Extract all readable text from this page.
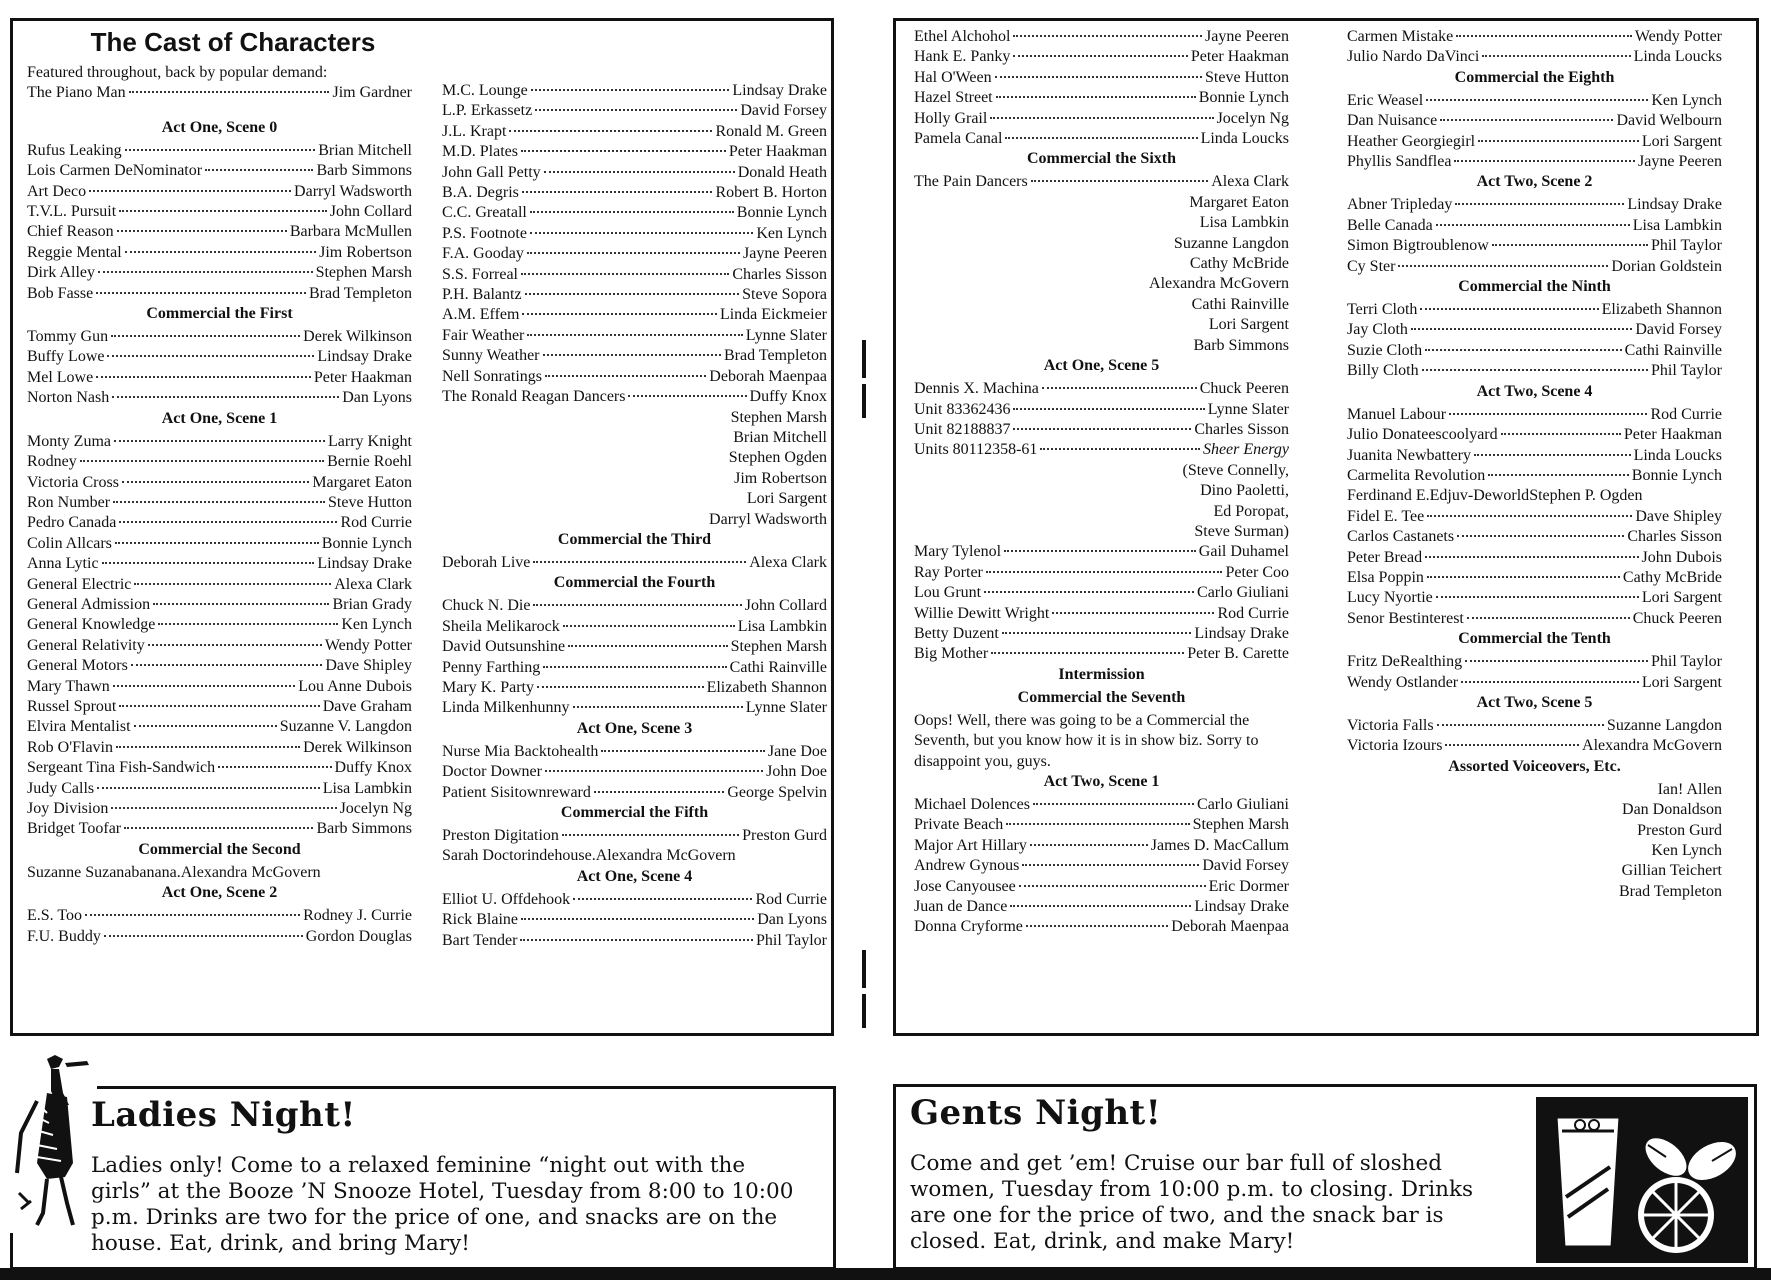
The Cast of Characters
Featured throughout, back by popular demand:
The Piano Man	Jim Gardner
Act One, Scene 0
Rufus Leaking	Brian Mitchell
Lois Carmen DeNominator	Barb Simmons
Art Deco	Darryl Wadsworth
T.V.L. Pursuit	John Collard
Chief Reason	Barbara McMullen
Reggie Mental	Jim Robertson
Dirk Alley	Stephen Marsh
Bob Fasse	Brad Templeton
Commercial the First
Tommy Gun	Derek Wilkinson
Buffy Lowe	Lindsay Drake
Mel Lowe	Peter Haakman
Norton Nash	Dan Lyons
Act One, Scene 1
Monty Zuma	Larry Knight
Rodney	Bernie Roehl
Victoria Cross	Margaret Eaton
Ron Number	Steve Hutton
Pedro Canada	Rod Currie
Colin Allcars	Bonnie Lynch
Anna Lytic	Lindsay Drake
General Electric	Alexa Clark
General Admission	Brian Grady
General Knowledge	Ken Lynch
General Relativity	Wendy Potter
General Motors	Dave Shipley
Mary Thawn	Lou Anne Dubois
Russel Sprout	Dave Graham
Elvira Mentalist	Suzanne V. Langdon
Rob O'Flavin	Derek Wilkinson
Sergeant Tina Fish-Sandwich	Duffy Knox
Judy Calls	Lisa Lambkin
Joy Division	Jocelyn Ng
Bridget Toofar	Barb Simmons
Commercial the Second
Suzanne Suzanabanana. Alexandra McGovern
Act One, Scene 2
E.S. Too	Rodney J. Currie
F.U. Buddy	Gordon Douglas
M.C. Lounge	Lindsay Drake
L.P. Erkassetz	David Forsey
J.L. Krapt	Ronald M. Green
M.D. Plates	Peter Haakman
John Gall Petty	Donald Heath
B.A. Degris	Robert B. Horton
C.C. Greatall	Bonnie Lynch
P.S. Footnote	Ken Lynch
F.A. Gooday	Jayne Peeren
S.S. Forreal	Charles Sisson
P.H. Balantz	Steve Sopora
A.M. Effem	Linda Eickmeier
Fair Weather	Lynne Slater
Sunny Weather	Brad Templeton
Nell Sonratings	Deborah Maenpaa
The Ronald Reagan Dancers	Duffy Knox
Stephen Marsh
Brian Mitchell
Stephen Ogden
Jim Robertson
Lori Sargent
Darryl Wadsworth
Commercial the Third
Deborah Live	Alexa Clark
Commercial the Fourth
Chuck N. Die	John Collard
Sheila Melikarock	Lisa Lambkin
David Outsunshine	Stephen Marsh
Penny Farthing	Cathi Rainville
Mary K. Party	Elizabeth Shannon
Linda Milkenhunny	Lynne Slater
Act One, Scene 3
Nurse Mia Backtohealth	Jane Doe
Doctor Downer	John Doe
Patient Sisitownreward	George Spelvin
Commercial the Fifth
Preston Digitation	Preston Gurd
Sarah Doctorindehouse. Alexandra McGovern
Act One, Scene 4
Elliot U. Offdehook	Rod Currie
Rick Blaine	Dan Lyons
Bart Tender	Phil Taylor
Ethel Alchohol	Jayne Peeren
Hank E. Panky	Peter Haakman
Hal O'Ween	Steve Hutton
Hazel Street	Bonnie Lynch
Holly Grail	Jocelyn Ng
Pamela Canal	Linda Loucks
Commercial the Sixth
The Pain Dancers	Alexa Clark
Margaret Eaton
Lisa Lambkin
Suzanne Langdon
Cathy McBride
Alexandra McGovern
Cathi Rainville
Lori Sargent
Barb Simmons
Act One, Scene 5
Dennis X. Machina	Chuck Peeren
Unit 83362436	Lynne Slater
Unit 82188837	Charles Sisson
Units 80112358-61	Sheer Energy
(Steve Connelly,
Dino Paoletti,
Ed Poropat,
Steve Surman)
Mary Tylenol	Gail Duhamel
Ray Porter	Peter Coo
Lou Grunt	Carlo Giuliani
Willie Dewitt Wright	Rod Currie
Betty Duzent	Lindsay Drake
Big Mother	Peter B. Carette
Intermission
Commercial the Seventh
Oops! Well, there was going to be a Commercial the Seventh, but you know how it is in show biz. Sorry to disappoint you, guys.
Act Two, Scene 1
Michael Dolences	Carlo Giuliani
Private Beach	Stephen Marsh
Major Art Hillary	James D. MacCallum
Andrew Gynous	David Forsey
Jose Canyousee	Eric Dormer
Juan de Dance	Lindsay Drake
Donna Cryforme	Deborah Maenpaa
Carmen Mistake	Wendy Potter
Julio Nardo DaVinci	Linda Loucks
Commercial the Eighth
Eric Weasel	Ken Lynch
Dan Nuisance	David Welbourn
Heather Georgiegirl	Lori Sargent
Phyllis Sandflea	Jayne Peeren
Act Two, Scene 2
Abner Tripleday	Lindsay Drake
Belle Canada	Lisa Lambkin
Simon Bigtroublenow	Phil Taylor
Cy Ster	Dorian Goldstein
Commercial the Ninth
Terri Cloth	Elizabeth Shannon
Jay Cloth	David Forsey
Suzie Cloth	Cathi Rainville
Billy Cloth	Phil Taylor
Act Two, Scene 4
Manuel Labour	Rod Currie
Julio Donateescoolyard	Peter Haakman
Juanita Newbattery	Linda Loucks
Carmelita Revolution	Bonnie Lynch
Ferdinand E.Edjuv-Deworld Stephen P. Ogden
Fidel E. Tee	Dave Shipley
Carlos Castanets	Charles Sisson
Peter Bread	John Dubois
Elsa Poppin	Cathy McBride
Lucy Nyortie	Lori Sargent
Senor Bestinterest	Chuck Peeren
Commercial the Tenth
Fritz DeRealthing	Phil Taylor
Wendy Ostlander	Lori Sargent
Act Two, Scene 5
Victoria Falls	Suzanne Langdon
Victoria Izours	Alexandra McGovern
Assorted Voiceovers, Etc.
Ian! Allen
Dan Donaldson
Preston Gurd
Ken Lynch
Gillian Teichert
Brad Templeton
Ladies Night!
Ladies only! Come to a relaxed feminine “night out with the
girls” at the Booze ’N Snooze Hotel, Tuesday from 8:00 to 10:00
p.m. Drinks are two for the price of one, and snacks are on the
house. Eat, drink, and bring Mary!
Gents Night!
Come and get ’em! Cruise our bar full of sloshed
women, Tuesday from 10:00 p.m. to closing. Drinks
are one for the price of two, and the snack bar is
closed. Eat, drink, and make Mary!
